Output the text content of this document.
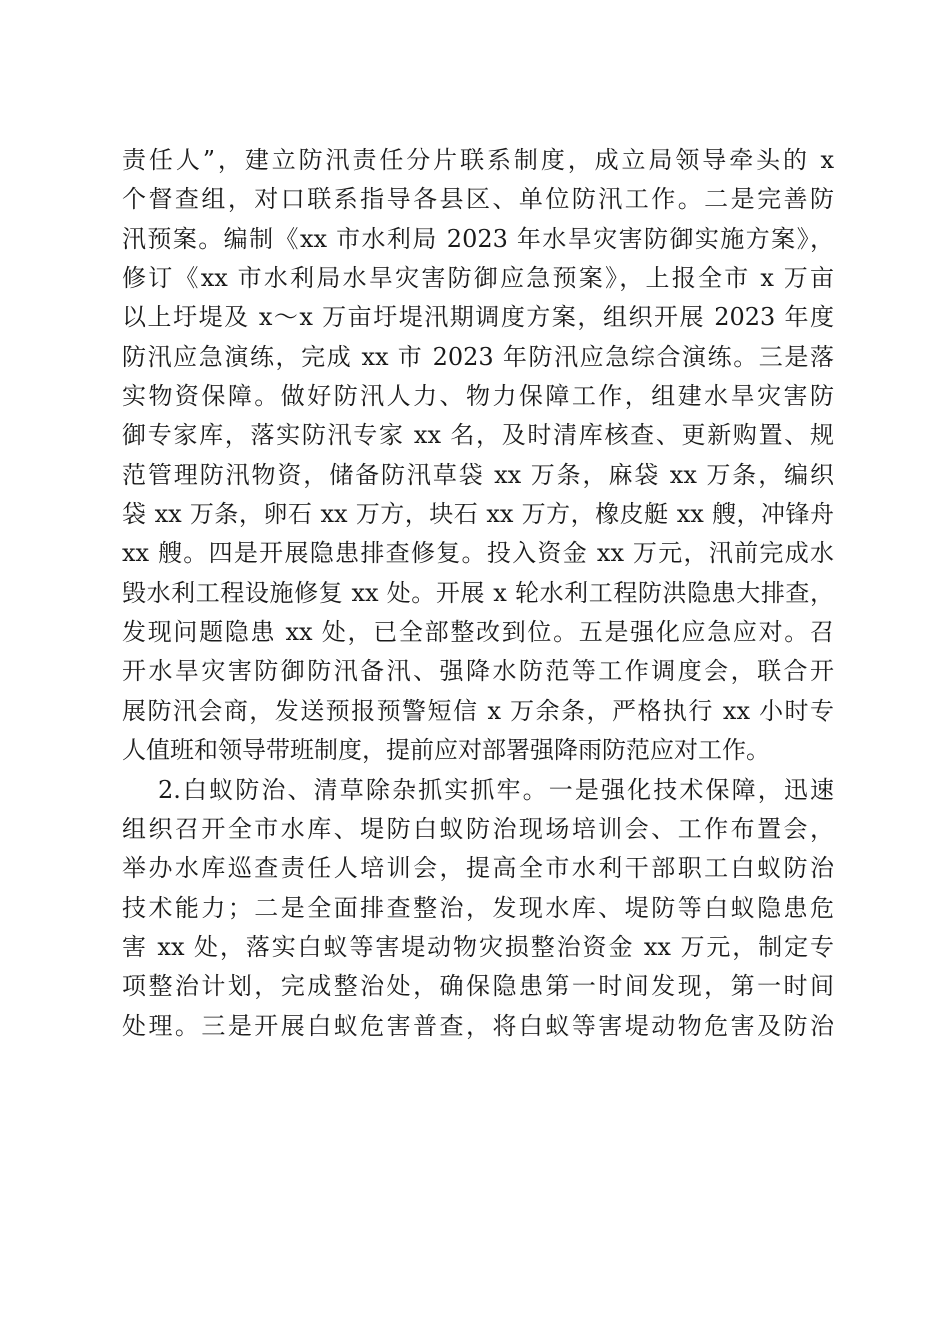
责任人”，建立防汛责任分片联系制度，成立局领导牵头的 x
个督查组，对口联系指导各县区、单位防汛工作。二是完善防
汛预案。编制《xx 市水利局 2023 年水旱灾害防御实施方案》，
修订《xx 市水利局水旱灾害防御应急预案》，上报全市 x 万亩
以上圩堤及 x～x 万亩圩堤汛期调度方案，组织开展 2023 年度
防汛应急演练，完成 xx 市 2023 年防汛应急综合演练。三是落
实物资保障。做好防汛人力、物力保障工作，组建水旱灾害防
御专家库，落实防汛专家 xx 名，及时清库核查、更新购置、规
范管理防汛物资，储备防汛草袋 xx 万条，麻袋 xx 万条，编织
袋 xx 万条，卵石 xx 万方，块石 xx 万方，橡皮艇 xx 艘，冲锋舟
xx 艘。四是开展隐患排查修复。投入资金 xx 万元，汛前完成水
毁水利工程设施修复 xx 处。开展 x 轮水利工程防洪隐患大排查，
发现问题隐患 xx 处，已全部整改到位。五是强化应急应对。召
开水旱灾害防御防汛备汛、强降水防范等工作调度会，联合开
展防汛会商，发送预报预警短信 x 万余条，严格执行 xx 小时专
人值班和领导带班制度，提前应对部署强降雨防范应对工作。
2.白蚁防治、清草除杂抓实抓牢。一是强化技术保障，迅速
组织召开全市水库、堤防白蚁防治现场培训会、工作布置会，
举办水库巡查责任人培训会，提高全市水利干部职工白蚁防治
技术能力；二是全面排查整治，发现水库、堤防等白蚁隐患危
害 xx 处，落实白蚁等害堤动物灾损整治资金 xx 万元，制定专
项整治计划，完成整治处，确保隐患第一时间发现，第一时间
处理。三是开展白蚁危害普查，将白蚁等害堤动物危害及防治
